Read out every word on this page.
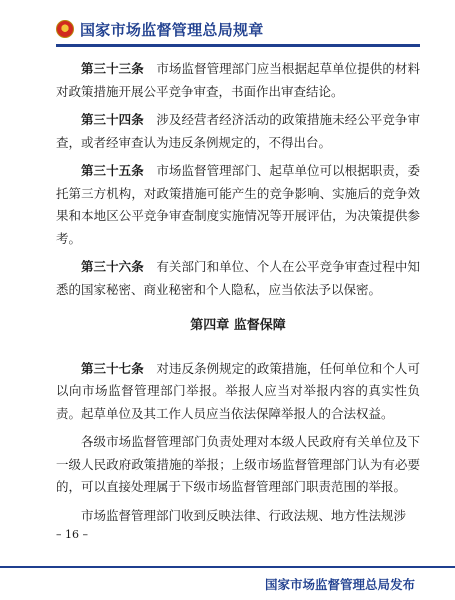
国家市场监督管理总局规章

第三十三条　 市场监督管理部门应当根据起草单位提供的材料对政策措施开展公平竞争审查，书面作出审查结论。

第三十四条　 涉及经营者经济活动的政策措施未经公平竞争审查，或者经审查认为违反条例规定的，不得出台。

第三十五条　 市场监督管理部门、起草单位可以根据职责，委托第三方机构，对政策措施可能产生的竞争影响、实施后的竞争效果和本地区公平竞争审查制度实施情况等开展评估，为决策提供参考。

第三十六条　 有关部门和单位、个人在公平竞争审查过程中知悉的国家秘密、商业秘密和个人隐私，应当依法予以保密。

第四章 监督保障

第三十七条　 对违反条例规定的政策措施，任何单位和个人可以向市场监督管理部门举报。举报人应当对举报内容的真实性负责。起草单位及其工作人员应当依法保障举报人的合法权益。

各级市场监督管理部门负责处理对本级人民政府有关单位及下一级人民政府政策措施的举报；上级市场监督管理部门认为有必要的，可以直接处理属于下级市场监督管理部门职责范围的举报。

市场监督管理部门收到反映法律、行政法规、地方性法规涉

– 16 –
国家市场监督管理总局发布
